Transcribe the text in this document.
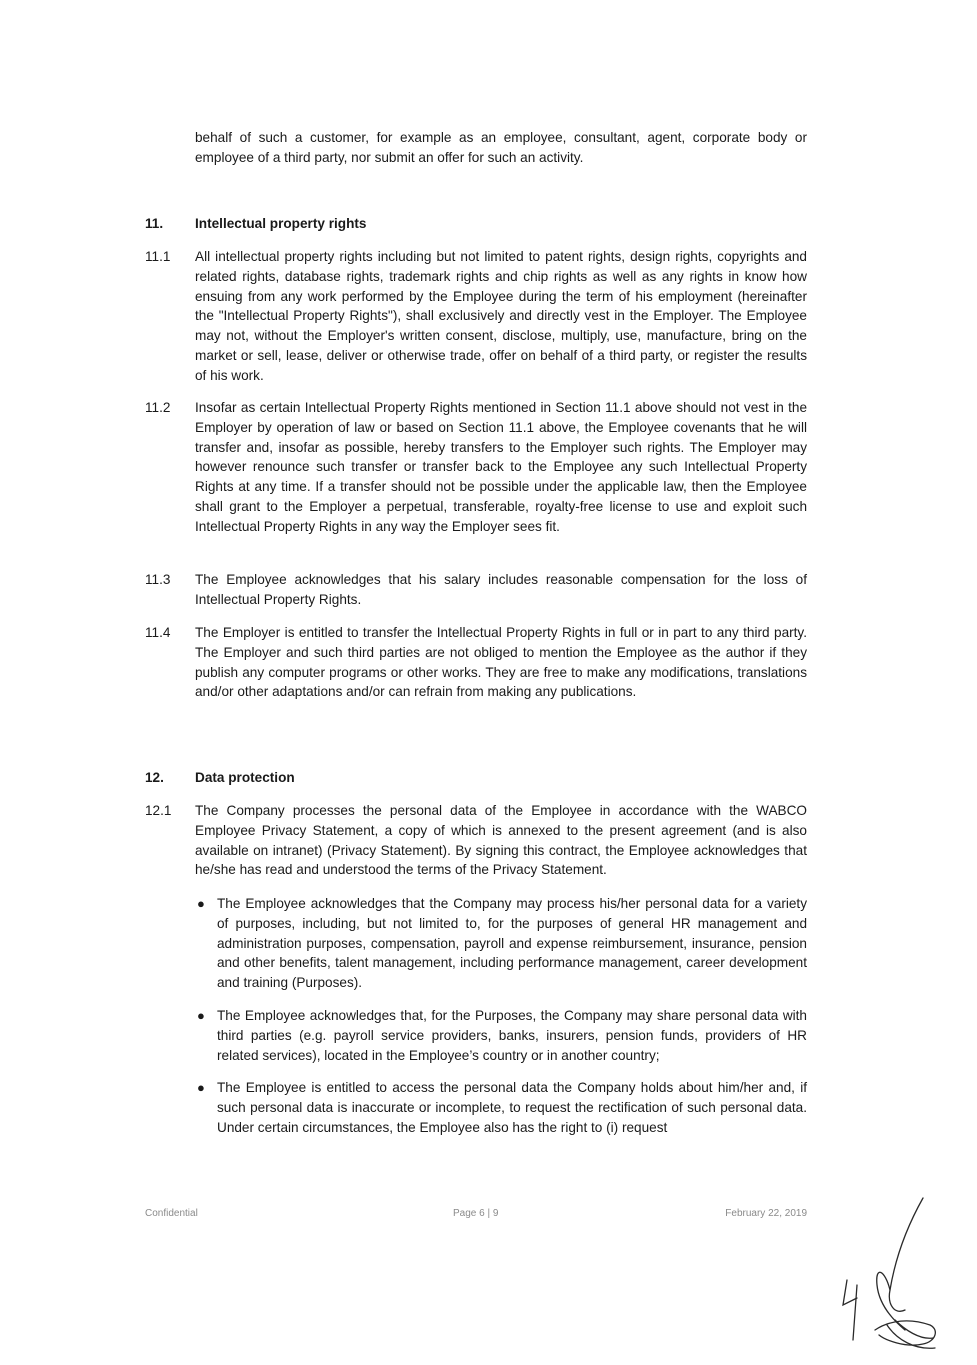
behalf of such a customer, for example as an employee, consultant, agent, corporate body or employee of a third party, nor submit an offer for such an activity.

11. Intellectual property rights
11.1	All intellectual property rights including but not limited to patent rights, design rights, copyrights and related rights, database rights, trademark rights and chip rights as well as any rights in know how ensuing from any work performed by the Employee during the term of his employment (hereinafter the "Intellectual Property Rights"), shall exclusively and directly vest in the Employer. The Employee may not, without the Employer's written consent, disclose, multiply, use, manufacture, bring on the market or sell, lease, deliver or otherwise trade, offer on behalf of a third party, or register the results of his work.

11.2	Insofar as certain Intellectual Property Rights mentioned in Section 11.1 above should not vest in the Employer by operation of law or based on Section 11.1 above, the Employee covenants that he will transfer and, insofar as possible, hereby transfers to the Employer such rights. The Employer may however renounce such transfer or transfer back to the Employee any such Intellectual Property Rights at any time. If a transfer should not be possible under the applicable law, then the Employee shall grant to the Employer a perpetual, transferable, royalty-free license to use and exploit such Intellectual Property Rights in any way the Employer sees fit.

11.3	The Employee acknowledges that his salary includes reasonable compensation for the loss of Intellectual Property Rights.

11.4	The Employer is entitled to transfer the Intellectual Property Rights in full or in part to any third party. The Employer and such third parties are not obliged to mention the Employee as the author if they publish any computer programs or other works. They are free to make any modifications, translations and/or other adaptations and/or can refrain from making any publications.

12. Data protection
12.1	The Company processes the personal data of the Employee in accordance with the WABCO Employee Privacy Statement, a copy of which is annexed to the present agreement (and is also available on intranet) (Privacy Statement). By signing this contract, the Employee acknowledges that he/she has read and understood the terms of the Privacy Statement.

● The Employee acknowledges that the Company may process his/her personal data for a variety of purposes, including, but not limited to, for the purposes of general HR management and administration purposes, compensation, payroll and expense reimbursement, insurance, pension and other benefits, talent management, including performance management, career development and training (Purposes).
● The Employee acknowledges that, for the Purposes, the Company may share personal data with third parties (e.g. payroll service providers, banks, insurers, pension funds, providers of HR related services), located in the Employee’s country or in another country;
● The Employee is entitled to access the personal data the Company holds about him/her and, if such personal data is inaccurate or incomplete, to request the rectification of such personal data. Under certain circumstances, the Employee also has the right to (i) request
Confidential	Page 6 | 9	February 22, 2019
